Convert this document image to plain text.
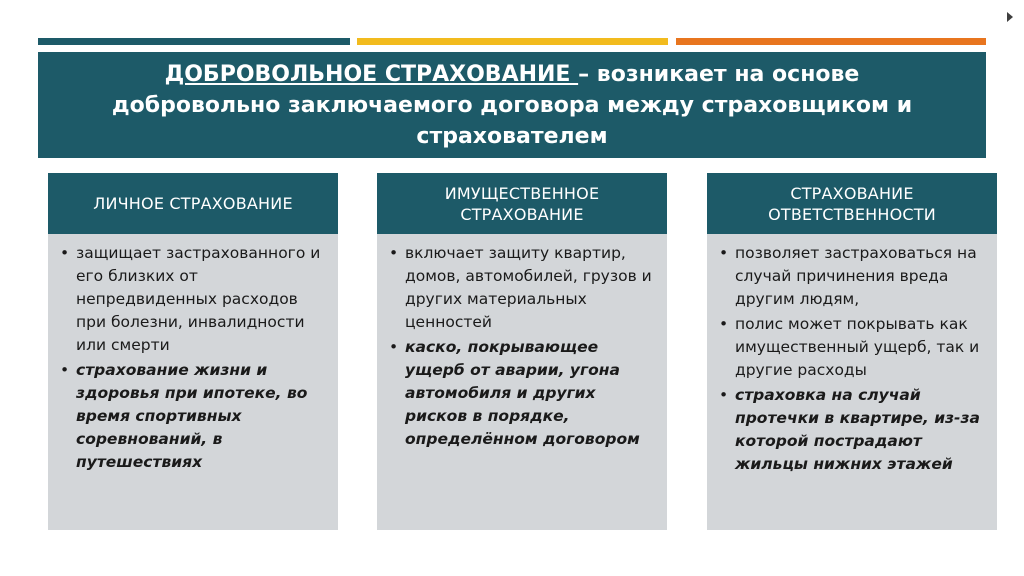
ДОБРОВОЛЬНОЕ СТРАХОВАНИЕ – возникает на основе добровольно заключаемого договора между страховщиком и страхователем
ЛИЧНОЕ СТРАХОВАНИЕ
• защищает застрахованного и его близких от непредвиденных расходов при болезни, инвалидности или смерти
• страхование жизни и здоровья при ипотеке, во время спортивных соревнований, в путешествиях
ИМУЩЕСТВЕННОЕ СТРАХОВАНИЕ
• включает защиту квартир, домов, автомобилей, грузов и других материальных ценностей
• каско, покрывающее ущерб от аварии, угона автомобиля и других рисков в порядке, определённом договором
СТРАХОВАНИЕ ОТВЕТСТВЕННОСТИ
• позволяет застраховаться на случай причинения вреда другим людям,
• полис может покрывать как имущественный ущерб, так и другие расходы
• страховка на случай протечки в квартире, из-за которой пострадают жильцы нижних этажей
